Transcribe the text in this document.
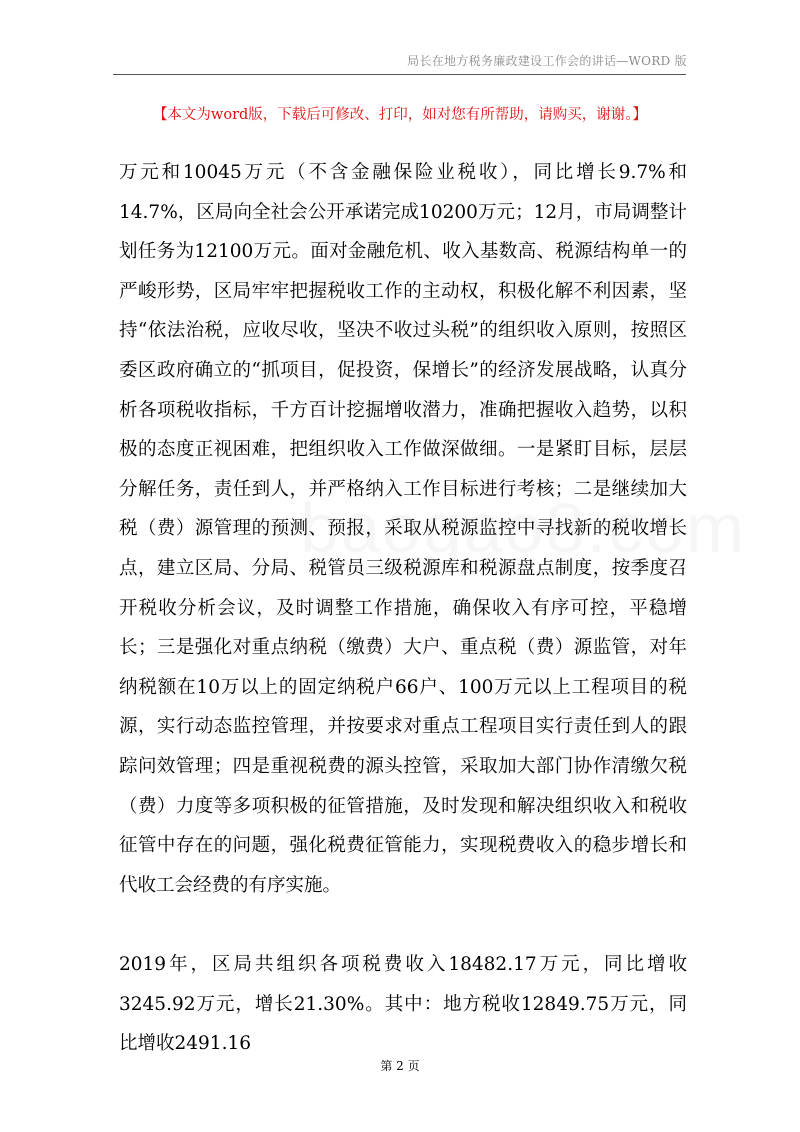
局长在地方税务廉政建设工作会的讲话—WORD 版
【本文为word版，下载后可修改、打印，如对您有所帮助，请购买，谢谢。】

万元和10045万元（不含金融保险业税收），同比增长9.7%和14.7%，区局向全社会公开承诺完成10200万元；12月，市局调整计划任务为12100万元。面对金融危机、收入基数高、税源结构单一的严峻形势，区局牢牢把握税收工作的主动权，积极化解不利因素，坚持“依法治税，应收尽收，坚决不收过头税”的组织收入原则，按照区委区政府确立的“抓项目，促投资，保增长”的经济发展战略，认真分析各项税收指标，千方百计挖掘增收潜力，准确把握收入趋势，以积极的态度正视困难，把组织收入工作做深做细。一是紧盯目标，层层分解任务，责任到人，并严格纳入工作目标进行考核；二是继续加大税（费）源管理的预测、预报，采取从税源监控中寻找新的税收增长点，建立区局、分局、税管员三级税源库和税源盘点制度，按季度召开税收分析会议，及时调整工作措施，确保收入有序可控，平稳增长；三是强化对重点纳税（缴费）大户、重点税（费）源监管，对年纳税额在10万以上的固定纳税户66户、100万元以上工程项目的税源，实行动态监控管理，并按要求对重点工程项目实行责任到人的跟踪问效管理；四是重视税费的源头控管，采取加大部门协作清缴欠税（费）力度等多项积极的征管措施，及时发现和解决组织收入和税收征管中存在的问题，强化税费征管能力，实现税费收入的稳步增长和代收工会经费的有序实施。

2019年，区局共组织各项税费收入18482.17万元，同比增收3245.92万元，增长21.30%。其中：地方税收12849.75万元，同比增收2491.16

第 2 页
